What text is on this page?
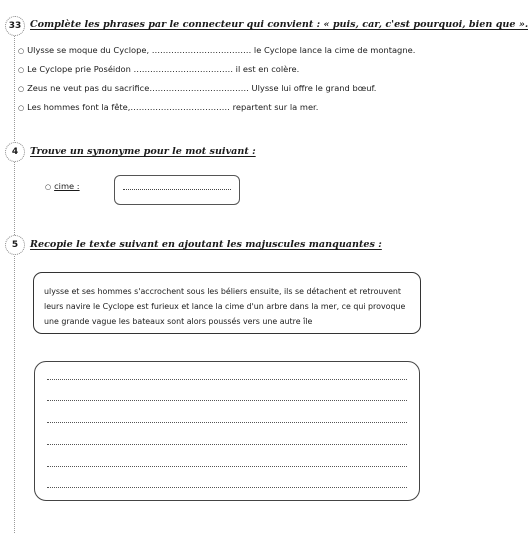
33 Complète les phrases par le connecteur qui convient : « puis, car, c'est pourquoi, bien que ».
○ Ulysse se moque du Cyclope, ……………………………… le Cyclope lance la cime de montagne.
○ Le Cyclope prie Poséidon ……………………………… il est en colère.
○ Zeus ne veut pas du sacrifice……………………………… Ulysse lui offre le grand bœuf.
○ Les hommes font la fête,……………………………… repartent sur la mer.
4	Trouve un synonyme pour le mot suivant :
○ cime :
5	Recopie le texte suivant en ajoutant les majuscules manquantes :

ulysse et ses hommes s'accrochent sous les béliers ensuite, ils se détachent et retrouvent

leurs navire le Cyclope est furieux et lance la cime d'un arbre dans la mer, ce qui provoque

une grande vague les bateaux sont alors poussés vers une autre île
